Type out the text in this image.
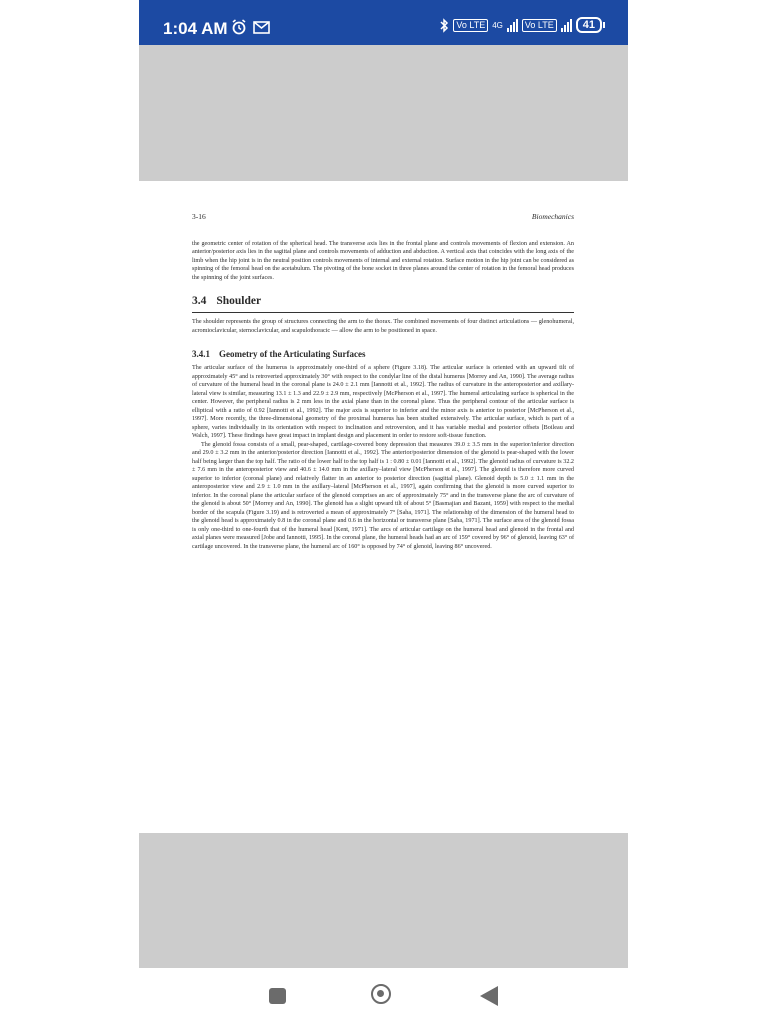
1:04 AM	Vo LTE 4G	Vo LTE	41
3-16	Biomechanics

the geometric center of rotation of the spherical head. The transverse axis lies in the frontal plane and controls movements of flexion and extension. An anterior/posterior axis lies in the sagittal plane and controls movements of adduction and abduction. A vertical axis that coincides with the long axis of the limb when the hip joint is in the neutral position controls movements of internal and external rotation. Surface motion in the hip joint can be considered as spinning of the femoral head on the acetabulum. The pivoting of the bone socket in three planes around the center of rotation in the femoral head produces the spinning of the joint surfaces.

3.4 Shoulder

The shoulder represents the group of structures connecting the arm to the thorax. The combined movements of four distinct articulations — glenohumeral, acromioclavicular, sternoclavicular, and scapulothoracic — allow the arm to be positioned in space.

3.4.1 Geometry of the Articulating Surfaces

The articular surface of the humerus is approximately one-third of a sphere (Figure 3.18). The articular surface is oriented with an upward tilt of approximately 45° and is retroverted approximately 30° with respect to the condylar line of the distal humerus [Morrey and An, 1990]. The average radius of curvature of the humeral head in the coronal plane is 24.0 ± 2.1 mm [Iannotti et al., 1992]. The radius of curvature in the anteroposterior and axillary-lateral view is similar, measuring 13.1 ± 1.3 and 22.9 ± 2.9 mm, respectively [McPherson et al., 1997]. The humeral articulating surface is spherical in the center. However, the peripheral radius is 2 mm less in the axial plane than in the coronal plane. Thus the peripheral contour of the articular surface is elliptical with a ratio of 0.92 [Iannotti et al., 1992]. The major axis is superior to inferior and the minor axis is anterior to posterior [McPherson et al., 1997]. More recently, the three-dimensional geometry of the proximal humerus has been studied extensively. The articular surface, which is part of a sphere, varies individually in its orientation with respect to inclination and retroversion, and it has variable medial and posterior offsets [Boileau and Walch, 1997]. These findings have great impact in implant design and placement in order to restore soft-tissue function.

The glenoid fossa consists of a small, pear-shaped, cartilage-covered bony depression that measures 39.0 ± 3.5 mm in the superior/inferior direction and 29.0 ± 3.2 mm in the anterior/posterior direction [Iannotti et al., 1992]. The anterior/posterior dimension of the glenoid is pear-shaped with the lower half being larger than the top half. The ratio of the lower half to the top half is 1 : 0.80 ± 0.01 [Iannotti et al., 1992]. The glenoid radius of curvature is 32.2 ± 7.6 mm in the anteroposterior view and 40.6 ± 14.0 mm in the axillary–lateral view [McPherson et al., 1997]. The glenoid is therefore more curved superior to inferior (coronal plane) and relatively flatter in an anterior to posterior direction (sagittal plane). Glenoid depth is 5.0 ± 1.1 mm in the anteroposterior view and 2.9 ± 1.0 mm in the axillary–lateral [McPherson et al., 1997], again confirming that the glenoid is more curved superior to inferior. In the coronal plane the articular surface of the glenoid comprises an arc of approximately 75° and in the transverse plane the arc of curvature of the glenoid is about 50° [Morrey and An, 1990]. The glenoid has a slight upward tilt of about 5° [Basmajian and Bazant, 1959] with respect to the medial border of the scapula (Figure 3.19) and is retroverted a mean of approximately 7° [Saha, 1971]. The relationship of the dimension of the humeral head to the glenoid head is approximately 0.8 in the coronal plane and 0.6 in the horizontal or transverse plane [Saha, 1971]. The surface area of the glenoid fossa is only one-third to one-fourth that of the humeral head [Kent, 1971]. The arcs of articular cartilage on the humeral head and glenoid in the frontal and axial planes were measured [Jobe and Iannotti, 1995]. In the coronal plane, the humeral heads had an arc of 159° covered by 96° of glenoid, leaving 63° of cartilage uncovered. In the transverse plane, the humeral arc of 160° is opposed by 74° of glenoid, leaving 86° uncovered.
